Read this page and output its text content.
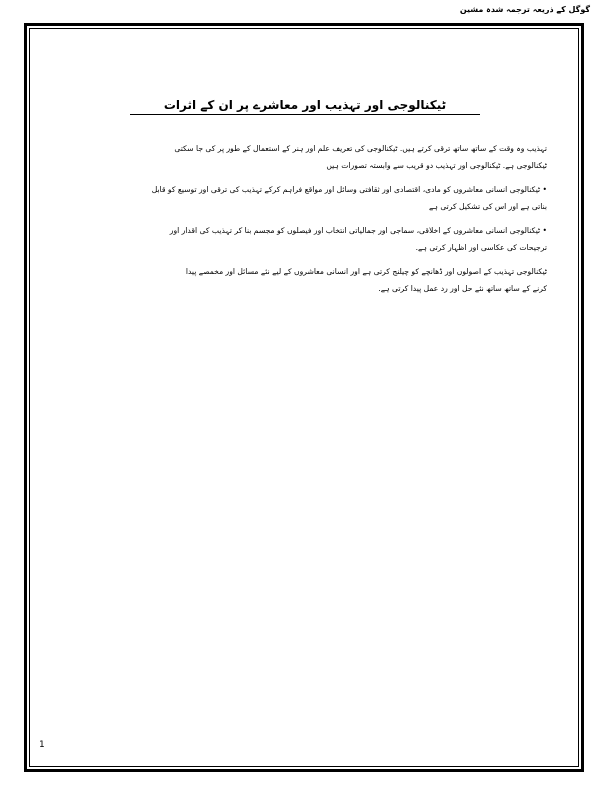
گوگل کے ذریعہ ترجمہ شدہ مشین
ٹیکنالوجی اور تہذیب اور معاشرے پر ان کے اثرات

تہذیب وہ وقت کے ساتھ ساتھ ترقی کرتے ہیں. ٹیکنالوجی کی تعریف علم اور ہنر کے استعمال کے طور پر کی جا سکتی
ٹیکنالوجی ہے. ٹیکنالوجی اور تہذیب دو قریب سے وابستہ تصورات ہیں

• ٹیکنالوجی انسانی معاشروں کو مادی، اقتصادی اور ثقافتی وسائل اور مواقع فراہم کرکے تہذیب کی ترقی اور توسیع کو قابل
بناتی ہے اور اس کی تشکیل کرتی ہے

• ٹیکنالوجی انسانی معاشروں کے اخلاقی، سماجی اور جمالیاتی انتخاب اور فیصلوں کو مجسم بنا کر تہذیب کی اقدار اور
ترجیحات کی عکاسی اور اظہار کرتی ہے.

ٹیکنالوجی تہذیب کے اصولوں اور ڈھانچے کو چیلنج کرتی ہے اور انسانی معاشروں کے لیے نئے مسائل اور مخمصے پیدا
کرنے کے ساتھ ساتھ نئے حل اور رد عمل پیدا کرتی ہے.

1
